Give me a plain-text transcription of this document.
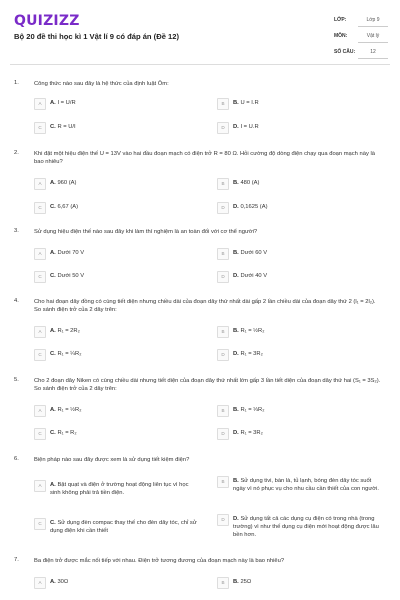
QUIZIZZ
Bộ 20 đề thi học kì 1 Vật lí 9 có đáp án (Đề 12)
LỚP:	Lớp 9
MÔN:	Vật lý
SỐ CÂU:	12
1.	Công thức nào sau đây là hệ thức của định luật Ôm:
A	A. I = U/R	B	B. U = I.R
C	C. R = U/I	D	D. I = U.R
2.	Khi đặt một hiệu điện thế U = 13V vào hai đầu đoạn mạch có điện trở R = 80 Ω. Hỏi cường độ dòng điện chạy qua đoạn mạch này là bao nhiêu?
A	A. 960 (A)	B	B. 480 (A)
C	C. 6,67 (A)	D	D. 0,1625 (A)
3.	Sử dụng hiệu điện thế nào sau đây khi làm thí nghiệm là an toàn đối với cơ thể người?
A	A. Dưới 70 V	B	B. Dưới 60 V
C	C. Dưới 50 V	D	D. Dưới 40 V
4.	Cho hai đoạn dây đồng có cùng tiết diện nhưng chiều dài của đoạn dây thứ nhất dài gấp 2 lần chiều dài của đoạn dây thứ 2 (l₁ = 2l₂). So sánh điện trở của 2 dây trên:
A	A. R₁ = 2R₂	B	B. R₁ = ½R₂
C	C. R₁ = ¼R₂	D	D. R₁ = 3R₂
5.	Cho 2 đoạn dây Niken có cùng chiều dài nhưng tiết diện của đoạn dây thứ nhất lớn gấp 3 lần tiết diện của đoạn dây thứ hai (S₁ = 3S₂). So sánh điện trở của 2 dây trên:
A	A. R₁ = ½R₂	B	B. R₁ = ⅓R₂
C	C. R₁ = R₂	D	D. R₁ = 3R₂
6.	Biện pháp nào sau đây được xem là sử dụng tiết kiệm điện?
A	A. Bật quạt và điện ở trường hoạt động liên tục vì học sinh không phải trả tiền điện.
B	B. Sử dụng tivi, bàn là, tủ lạnh, bóng đèn dây tóc suốt ngày vì nó phục vụ cho nhu cầu cần thiết của con người.
C	C. Sử dụng đèn compac thay thế cho đèn dây tóc, chỉ sử dụng điện khi cần thiết
D	D. Sử dụng tất cả các dụng cụ điện có trong nhà (trong trường) vì như thế dụng cụ điện mới hoạt động được lâu bền hơn.
7.	Ba điện trở được mắc nối tiếp với nhau. Điện trở tương đương của đoạn mạch này là bao nhiêu?
A	A. 30Ω	B	B. 25Ω
